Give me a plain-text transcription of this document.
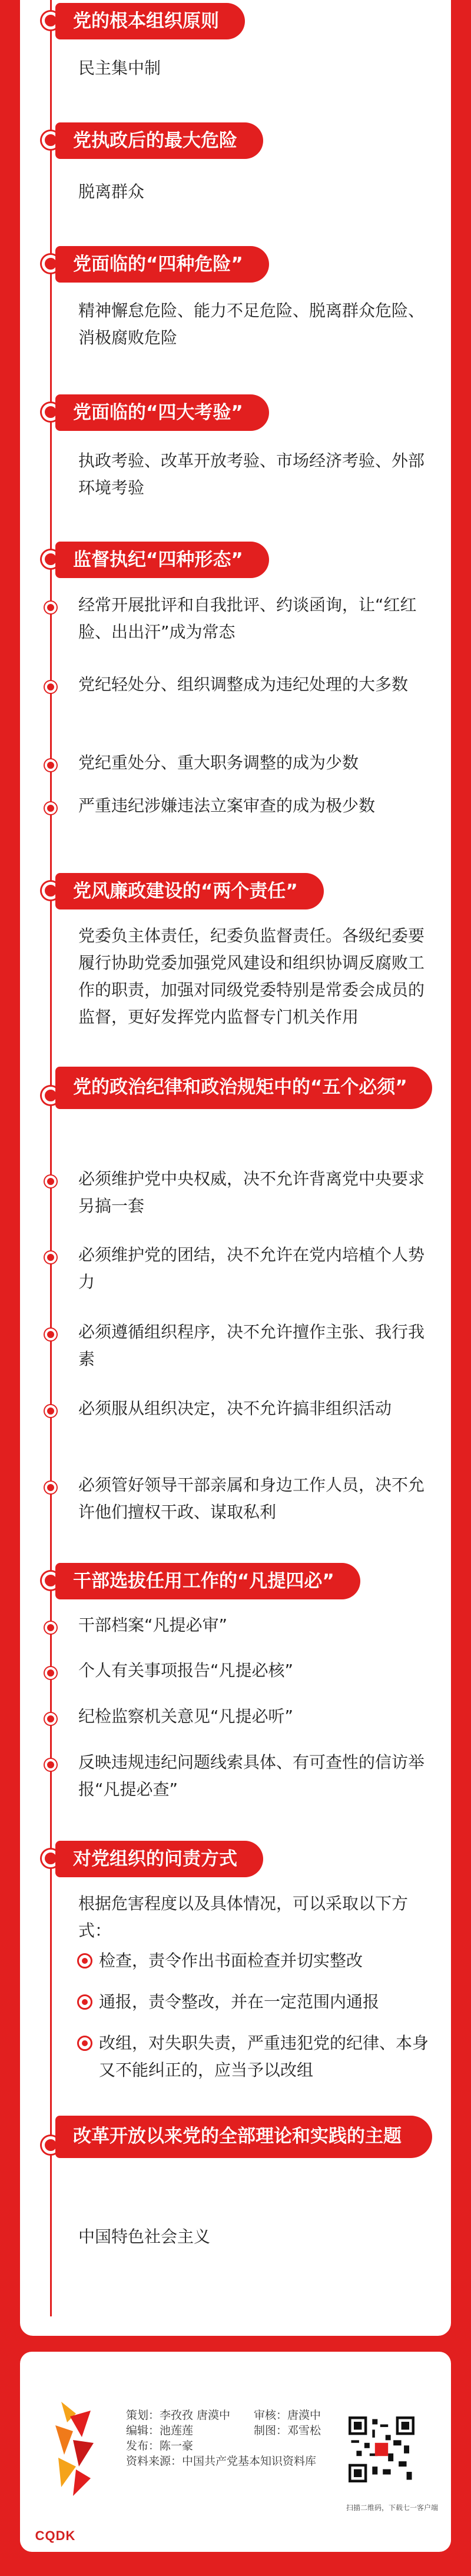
党的根本组织原则
民主集中制
党执政后的最大危险
脱离群众
党面临的“四种危险”
精神懈怠危险、能力不足危险、脱离群众危险、消极腐败危险
党面临的“四大考验”
执政考验、改革开放考验、市场经济考验、外部环境考验
监督执纪“四种形态”
经常开展批评和自我批评、约谈函询，让“红红脸、出出汗”成为常态
党纪轻处分、组织调整成为违纪处理的大多数
党纪重处分、重大职务调整的成为少数
严重违纪涉嫌违法立案审查的成为极少数
党风廉政建设的“两个责任”
党委负主体责任，纪委负监督责任。各级纪委要履行协助党委加强党风建设和组织协调反腐败工作的职责，加强对同级党委特别是常委会成员的监督，更好发挥党内监督专门机关作用
党的政治纪律和政治规矩中的“五个必须”
必须维护党中央权威，决不允许背离党中央要求另搞一套
必须维护党的团结，决不允许在党内培植个人势力
必须遵循组织程序，决不允许擅作主张、我行我素
必须服从组织决定，决不允许搞非组织活动
必须管好领导干部亲属和身边工作人员，决不允许他们擅权干政、谋取私利
干部选拔任用工作的“凡提四必”
干部档案“凡提必审”
个人有关事项报告“凡提必核”
纪检监察机关意见“凡提必听”
反映违规违纪问题线索具体、有可查性的信访举报“凡提必查”
对党组织的问责方式
根据危害程度以及具体情况，可以采取以下方式：
检查，责令作出书面检查并切实整改
通报，责令整改，并在一定范围内通报
改组，对失职失责，严重违犯党的纪律、本身又不能纠正的，应当予以改组
改革开放以来党的全部理论和实践的主题
中国特色社会主义
CQDK
策划：李孜孜 唐漠中
编辑：池莲莲
发布：陈一豪
资料来源：中国共产党基本知识资料库
审核：唐漠中
制图：邓雪松
扫描二维码，下载七一客户端
